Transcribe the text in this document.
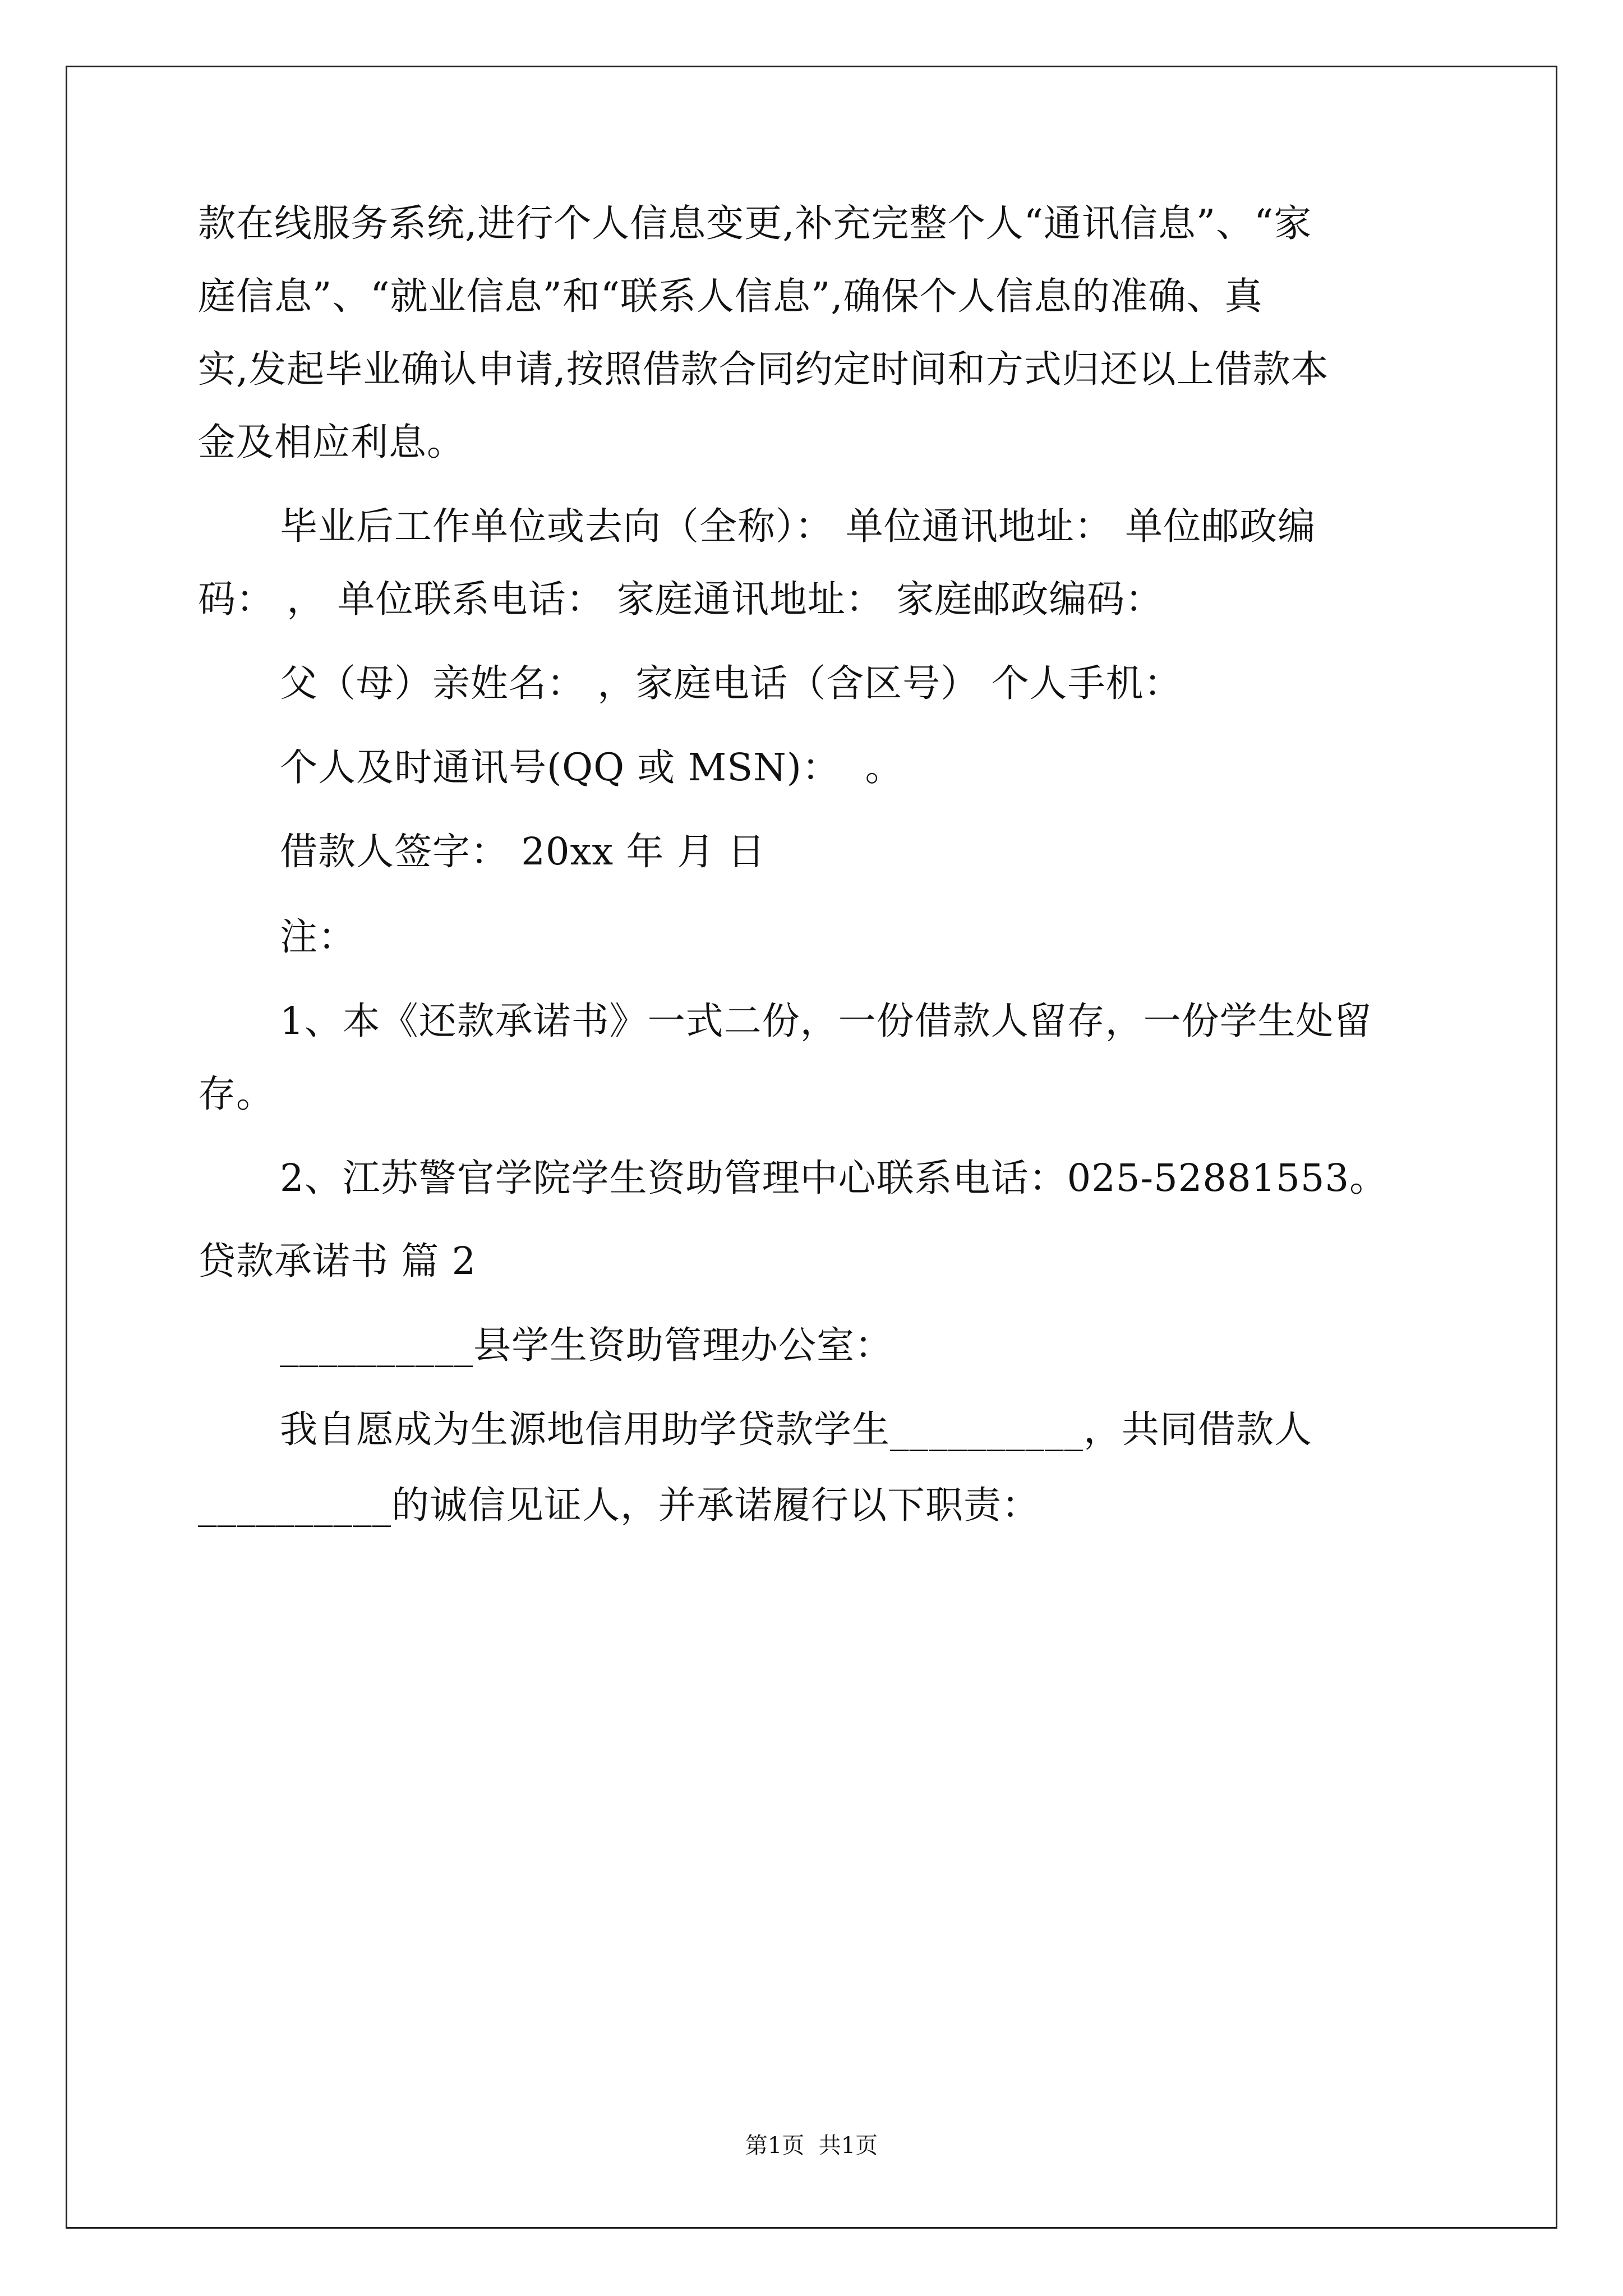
款在线服务系统,进行个人信息变更,补充完整个人“通讯信息”、“家
庭信息”、“就业信息”和“联系人信息”,确保个人信息的准确、真
实,发起毕业确认申请,按照借款合同约定时间和方式归还以上借款本
金及相应利息。
毕业后工作单位或去向（全称）： 单位通讯地址： 单位邮政编
码： ， 单位联系电话： 家庭通讯地址： 家庭邮政编码：
父（母）亲姓名： ，家庭电话（含区号） 个人手机：
个人及时通讯号(QQ 或 MSN)：  。
借款人签字： 20xx 年 月 日
注：
1、本《还款承诺书》一式二份，一份借款人留存，一份学生处留
存。
2、江苏警官学院学生资助管理中心联系电话：025-52881553。
贷款承诺书 篇 2
__________县学生资助管理办公室：
我自愿成为生源地信用助学贷款学生__________，共同借款人
__________的诚信见证人，并承诺履行以下职责：
第1页  共1页
